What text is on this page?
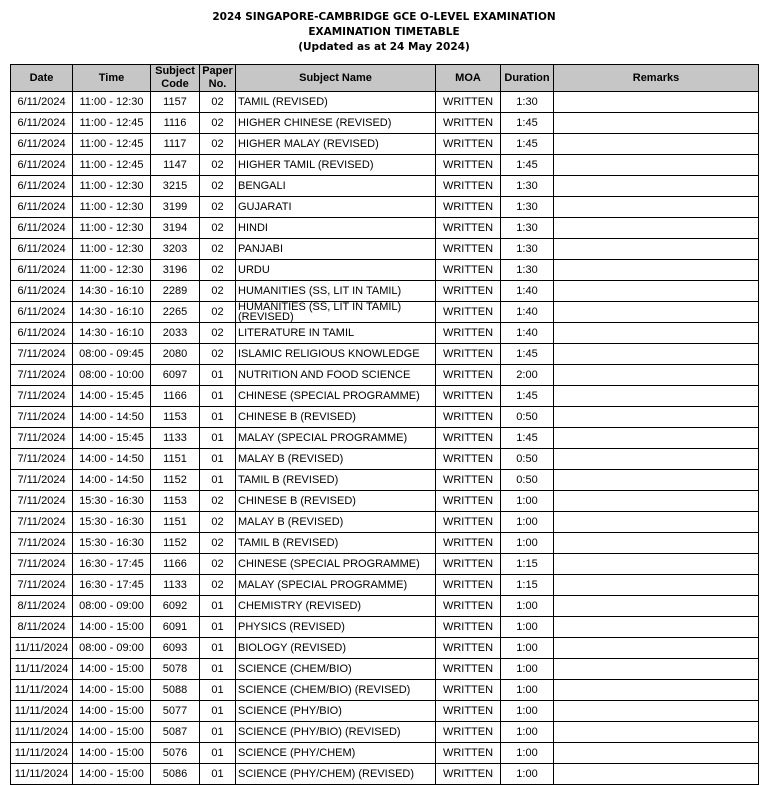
2024 SINGAPORE-CAMBRIDGE GCE O-LEVEL EXAMINATION
EXAMINATION TIMETABLE
(Updated as at 24 May 2024)
Date	Time	Subject Code	Paper No.	Subject Name	MOA	Duration	Remarks
6/11/2024	11:00 - 12:30	1157	02	TAMIL (REVISED)	WRITTEN	1:30	
6/11/2024	11:00 - 12:45	1116	02	HIGHER CHINESE (REVISED)	WRITTEN	1:45	
6/11/2024	11:00 - 12:45	1117	02	HIGHER MALAY (REVISED)	WRITTEN	1:45	
6/11/2024	11:00 - 12:45	1147	02	HIGHER TAMIL (REVISED)	WRITTEN	1:45	
6/11/2024	11:00 - 12:30	3215	02	BENGALI	WRITTEN	1:30	
6/11/2024	11:00 - 12:30	3199	02	GUJARATI	WRITTEN	1:30	
6/11/2024	11:00 - 12:30	3194	02	HINDI	WRITTEN	1:30	
6/11/2024	11:00 - 12:30	3203	02	PANJABI	WRITTEN	1:30	
6/11/2024	11:00 - 12:30	3196	02	URDU	WRITTEN	1:30	
6/11/2024	14:30 - 16:10	2289	02	HUMANITIES (SS, LIT IN TAMIL)	WRITTEN	1:40	
6/11/2024	14:30 - 16:10	2265	02	HUMANITIES (SS, LIT IN TAMIL)(REVISED)	WRITTEN	1:40	
6/11/2024	14:30 - 16:10	2033	02	LITERATURE IN TAMIL	WRITTEN	1:40	
7/11/2024	08:00 - 09:45	2080	02	ISLAMIC RELIGIOUS KNOWLEDGE	WRITTEN	1:45	
7/11/2024	08:00 - 10:00	6097	01	NUTRITION AND FOOD SCIENCE	WRITTEN	2:00	
7/11/2024	14:00 - 15:45	1166	01	CHINESE (SPECIAL PROGRAMME)	WRITTEN	1:45	
7/11/2024	14:00 - 14:50	1153	01	CHINESE B (REVISED)	WRITTEN	0:50	
7/11/2024	14:00 - 15:45	1133	01	MALAY (SPECIAL PROGRAMME)	WRITTEN	1:45	
7/11/2024	14:00 - 14:50	1151	01	MALAY B (REVISED)	WRITTEN	0:50	
7/11/2024	14:00 - 14:50	1152	01	TAMIL B (REVISED)	WRITTEN	0:50	
7/11/2024	15:30 - 16:30	1153	02	CHINESE B (REVISED)	WRITTEN	1:00	
7/11/2024	15:30 - 16:30	1151	02	MALAY B (REVISED)	WRITTEN	1:00	
7/11/2024	15:30 - 16:30	1152	02	TAMIL B (REVISED)	WRITTEN	1:00	
7/11/2024	16:30 - 17:45	1166	02	CHINESE (SPECIAL PROGRAMME)	WRITTEN	1:15	
7/11/2024	16:30 - 17:45	1133	02	MALAY (SPECIAL PROGRAMME)	WRITTEN	1:15	
8/11/2024	08:00 - 09:00	6092	01	CHEMISTRY (REVISED)	WRITTEN	1:00	
8/11/2024	14:00 - 15:00	6091	01	PHYSICS (REVISED)	WRITTEN	1:00	
11/11/2024	08:00 - 09:00	6093	01	BIOLOGY (REVISED)	WRITTEN	1:00	
11/11/2024	14:00 - 15:00	5078	01	SCIENCE (CHEM/BIO)	WRITTEN	1:00	
11/11/2024	14:00 - 15:00	5088	01	SCIENCE (CHEM/BIO) (REVISED)	WRITTEN	1:00	
11/11/2024	14:00 - 15:00	5077	01	SCIENCE (PHY/BIO)	WRITTEN	1:00	
11/11/2024	14:00 - 15:00	5087	01	SCIENCE (PHY/BIO) (REVISED)	WRITTEN	1:00	
11/11/2024	14:00 - 15:00	5076	01	SCIENCE (PHY/CHEM)	WRITTEN	1:00	
11/11/2024	14:00 - 15:00	5086	01	SCIENCE (PHY/CHEM) (REVISED)	WRITTEN	1:00	
